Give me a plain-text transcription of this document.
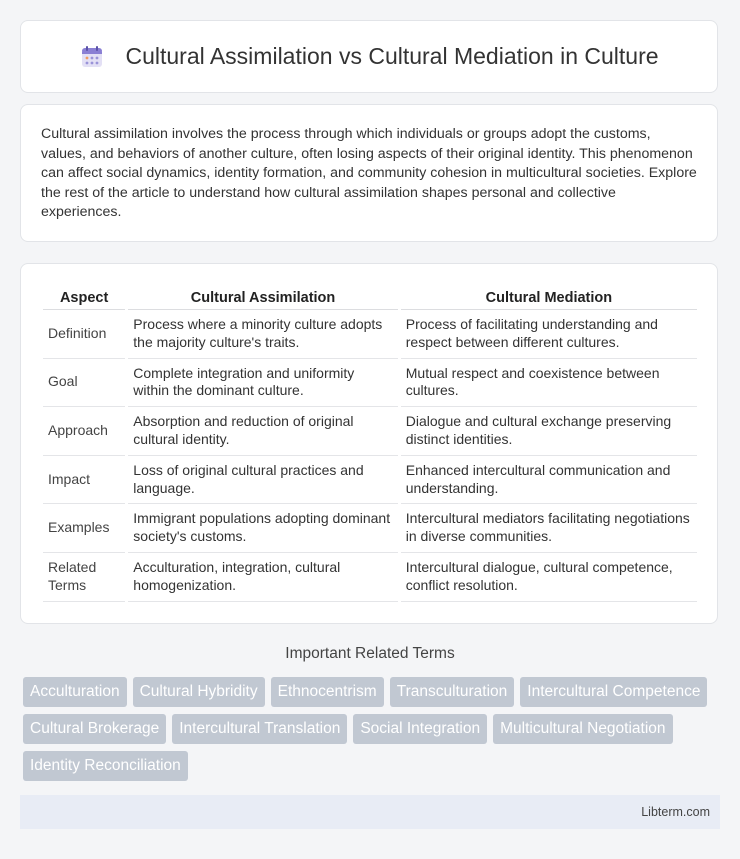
Cultural Assimilation vs Cultural Mediation in Culture

Cultural assimilation involves the process through which individuals or groups adopt the customs, values, and behaviors of another culture, often losing aspects of their original identity. This phenomenon can affect social dynamics, identity formation, and community cohesion in multicultural societies. Explore the rest of the article to understand how cultural assimilation shapes personal and collective experiences.

Aspect	Cultural Assimilation	Cultural Mediation
Definition	Process where a minority culture adopts the majority culture's traits.	Process of facilitating understanding and respect between different cultures.
Goal	Complete integration and uniformity within the dominant culture.	Mutual respect and coexistence between cultures.
Approach	Absorption and reduction of original cultural identity.	Dialogue and cultural exchange preserving distinct identities.
Impact	Loss of original cultural practices and language.	Enhanced intercultural communication and understanding.
Examples	Immigrant populations adopting dominant society's customs.	Intercultural mediators facilitating negotiations in diverse communities.
Related Terms	Acculturation, integration, cultural homogenization.	Intercultural dialogue, cultural competence, conflict resolution.
Important Related Terms
Acculturation	Cultural Hybridity	Ethnocentrism	Transculturation	Intercultural Competence
Cultural Brokerage	Intercultural Translation	Social Integration	Multicultural Negotiation
Identity Reconciliation
Libterm.com
